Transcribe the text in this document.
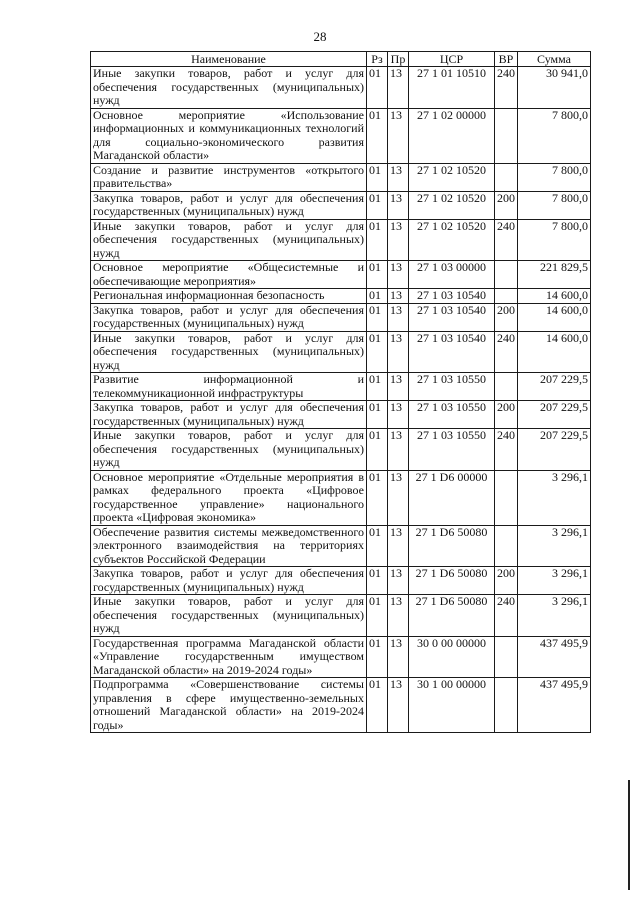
28
Наименование	Рз	Пр	ЦСР	ВР	Сумма
Иные закупки товаров, работ и услуг для обеспечения государственных (муниципальных) нужд	01	13	27 1 01 10510	240	30 941,0
Основное мероприятие «Использование информационных и коммуникационных технологий для социально-экономического развития Магаданской области»	01	13	27 1 02 00000		7 800,0
Создание и развитие инструментов «открытого правительства»	01	13	27 1 02 10520		7 800,0
Закупка товаров, работ и услуг для обеспечения государственных (муниципальных) нужд	01	13	27 1 02 10520	200	7 800,0
Иные закупки товаров, работ и услуг для обеспечения государственных (муниципальных) нужд	01	13	27 1 02 10520	240	7 800,0
Основное мероприятие «Общесистемные и обеспечивающие мероприятия»	01	13	27 1 03 00000		221 829,5
Региональная информационная безопасность	01	13	27 1 03 10540		14 600,0
Закупка товаров, работ и услуг для обеспечения государственных (муниципальных) нужд	01	13	27 1 03 10540	200	14 600,0
Иные закупки товаров, работ и услуг для обеспечения государственных (муниципальных) нужд	01	13	27 1 03 10540	240	14 600,0
Развитие информационной и телекоммуникационной инфраструктуры	01	13	27 1 03 10550		207 229,5
Закупка товаров, работ и услуг для обеспечения государственных (муниципальных) нужд	01	13	27 1 03 10550	200	207 229,5
Иные закупки товаров, работ и услуг для обеспечения государственных (муниципальных) нужд	01	13	27 1 03 10550	240	207 229,5
Основное мероприятие «Отдельные мероприятия в рамках федерального проекта «Цифровое государственное управление» национального проекта «Цифровая экономика»	01	13	27 1 D6 00000		3 296,1
Обеспечение развития системы межведомственного электронного взаимодействия на территориях субъектов Российской Федерации	01	13	27 1 D6 50080		3 296,1
Закупка товаров, работ и услуг для обеспечения государственных (муниципальных) нужд	01	13	27 1 D6 50080	200	3 296,1
Иные закупки товаров, работ и услуг для обеспечения государственных (муниципальных) нужд	01	13	27 1 D6 50080	240	3 296,1
Государственная программа Магаданской области «Управление государственным имуществом Магаданской области» на 2019-2024 годы»	01	13	30 0 00 00000		437 495,9
Подпрограмма «Совершенствование системы управления в сфере имущественно-земельных отношений Магаданской области» на 2019-2024 годы»	01	13	30 1 00 00000		437 495,9
